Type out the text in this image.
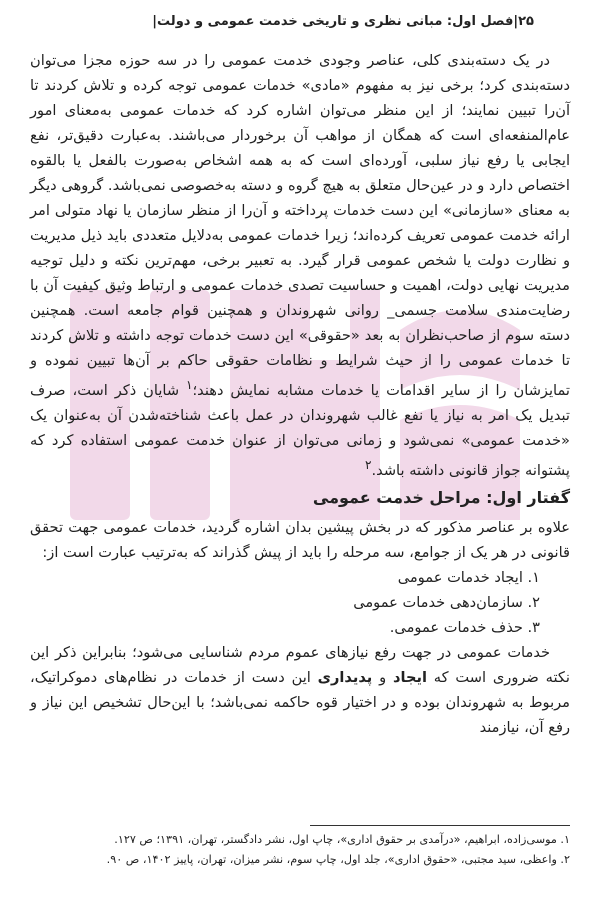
۲۵|فصل اول: مبانی نظری و تاریخی خدمت عمومی و دولت|

در یک دسته‌بندی کلی، عناصر وجودی خدمت عمومی را در سه حوزه مجزا می‌توان دسته‌بندی کرد؛ برخی نیز به مفهوم «مادی» خدمات عمومی توجه کرده و تلاش کردند تا آن‌را تبیین نمایند؛ از این منظر می‌توان اشاره کرد که خدمات عمومی به‌معنای امور عام‌المنفعه‌ای است که همگان از مواهب آن برخوردار می‌باشند. به‌عبارت دقیق‌تر، نفع ایجابی یا رفع نیاز سلبی، آورده‌ای است که به همه اشخاص به‌صورت بالفعل یا بالقوه اختصاص دارد و در عین‌حال متعلق به هیچ گروه و دسته به‌خصوصی نمی‌باشد. گروهی دیگر به معنای «سازمانی» این دست خدمات پرداخته و آن‌را از منظر سازمان یا نهاد متولی امر ارائه خدمت عمومی تعریف کرده‌اند؛ زیرا خدمات عمومی به‌دلایل متعددی باید ذیل مدیریت و نظارت دولت یا شخص عمومی قرار گیرد. به تعبیر برخی، مهم‌ترین نکته و دلیل توجیه مدیریت نهایی دولت، اهمیت و حساسیت تصدی خدمات عمومی و ارتباط وثیق کیفیت آن با رضایت‌مندی سلامت جسمی_ روانی شهروندان و همچنین قوام جامعه است. همچنین دسته سوم از صاحب‌نظران به بعد «حقوقی» این دست خدمات توجه داشته و تلاش کردند تا خدمات عمومی را از حیث شرایط و نظامات حقوقی حاکم بر آن‌ها تبیین نموده و تمایزشان را از سایر اقدامات یا خدمات مشابه نمایش دهند؛$^۱$ شایان ذکر است، صرف تبدیل یک امر به نیاز یا نفع غالب شهروندان در عمل باعث شناخته‌شدن آن به‌عنوان یک «خدمت عمومی» نمی‌شود و زمانی می‌توان از عنوان خدمت عمومی استفاده کرد که پشتوانه جواز قانونی داشته باشد.$^۲$

گفتار اول: مراحل خدمت عمومی

علاوه بر عناصر مذکور که در بخش پیشین بدان اشاره گردید، خدمات عمومی جهت تحقق قانونی در هر یک از جوامع، سه مرحله را باید از پیش گذراند که به‌ترتیب عبارت است از:

۱. ایجاد خدمات عمومی
۲. سازمان‌دهی خدمات عمومی
۳. حذف خدمات عمومی.

خدمات عمومی در جهت رفع نیازهای عموم مردم شناسایی می‌شود؛ بنابراین ذکر این نکته ضروری است که ایجاد و پدیداری این دست از خدمات در نظام‌های دموکراتیک، مربوط به شهروندان بوده و در اختیار قوه حاکمه نمی‌باشد؛ با این‌حال تشخیص این نیاز و رفع آن، نیازمند

۱. موسی‌زاده، ابراهیم، «درآمدی بر حقوق اداری»، چاپ اول، نشر دادگستر، تهران، ۱۳۹۱؛ ص ۱۲۷.
۲. واعظی، سید مجتبی، «حقوق اداری»، جلد اول، چاپ سوم، نشر میزان، تهران، پاییز ۱۴۰۲، ص ۹۰.
